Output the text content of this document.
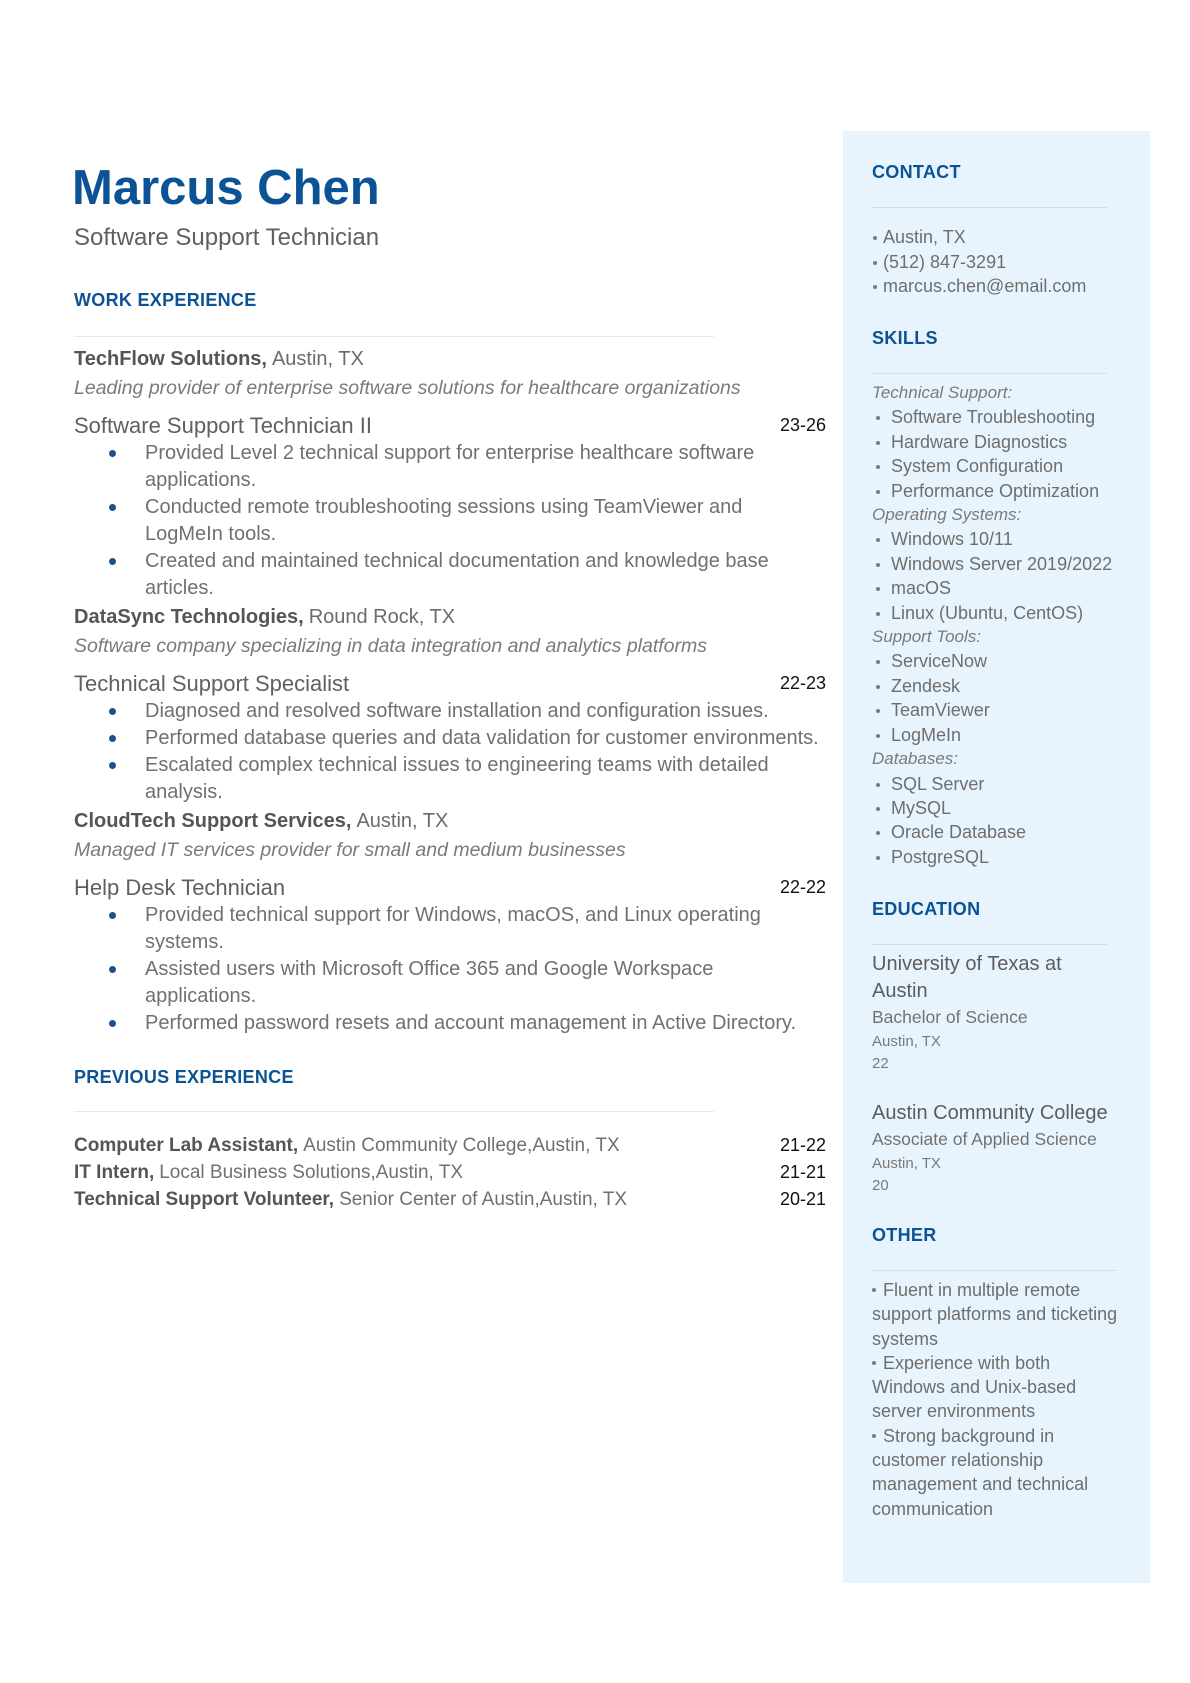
Marcus Chen
Software Support Technician
WORK EXPERIENCE
TechFlow Solutions, Austin, TX
Leading provider of enterprise software solutions for healthcare organizations
Software Support Technician II	23-26
Provided Level 2 technical support for enterprise healthcare software applications.
Conducted remote troubleshooting sessions using TeamViewer and LogMeIn tools.
Created and maintained technical documentation and knowledge base articles.
DataSync Technologies, Round Rock, TX
Software company specializing in data integration and analytics platforms
Technical Support Specialist	22-23
Diagnosed and resolved software installation and configuration issues.
Performed database queries and data validation for customer environments.
Escalated complex technical issues to engineering teams with detailed analysis.
CloudTech Support Services, Austin, TX
Managed IT services provider for small and medium businesses
Help Desk Technician	22-22
Provided technical support for Windows, macOS, and Linux operating systems.
Assisted users with Microsoft Office 365 and Google Workspace applications.
Performed password resets and account management in Active Directory.
PREVIOUS EXPERIENCE
Computer Lab Assistant, Austin Community College,Austin, TX	21-22
IT Intern, Local Business Solutions,Austin, TX	21-21
Technical Support Volunteer, Senior Center of Austin,Austin, TX	20-21
CONTACT
Austin, TX
(512) 847-3291
marcus.chen@email.com
SKILLS
Technical Support:
Software Troubleshooting
Hardware Diagnostics
System Configuration
Performance Optimization
Operating Systems:
Windows 10/11
Windows Server 2019/2022
macOS
Linux (Ubuntu, CentOS)
Support Tools:
ServiceNow
Zendesk
TeamViewer
LogMeIn
Databases:
SQL Server
MySQL
Oracle Database
PostgreSQL
EDUCATION
University of Texas at Austin
Bachelor of Science
Austin, TX
22
Austin Community College
Associate of Applied Science
Austin, TX
20
OTHER
Fluent in multiple remote support platforms and ticketing systems
Experience with both Windows and Unix-based server environments
Strong background in customer relationship management and technical communication
